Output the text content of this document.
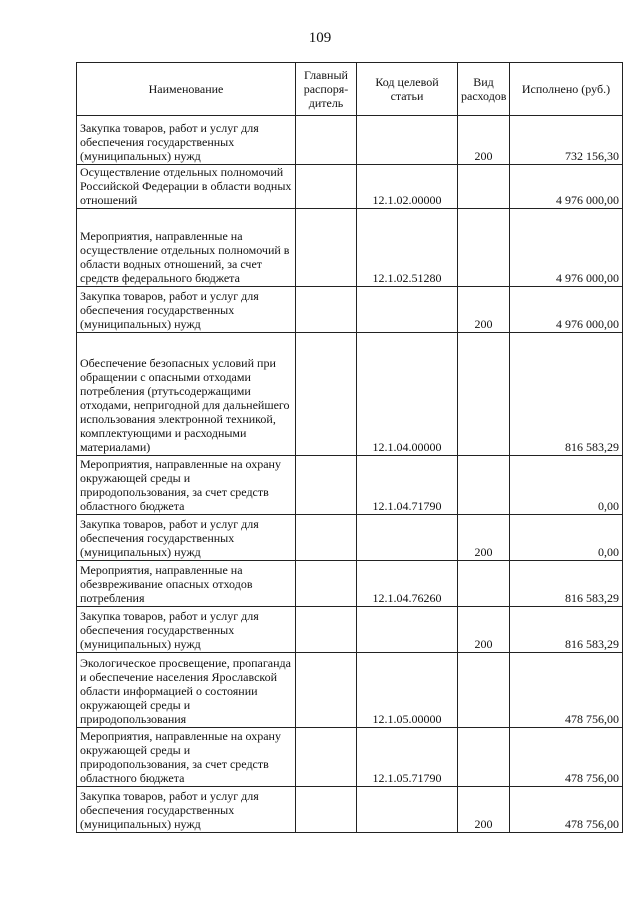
109
Наименование	Главный распоря-дитель	Код целевой статьи	Вид расходов	Исполнено (руб.)
Закупка товаров, работ и услуг для обеспечения государственных (муниципальных) нужд			200	732 156,30
Осуществление отдельных полномочий Российской Федерации в области водных отношений		12.1.02.00000		4 976 000,00
Мероприятия, направленные на осуществление отдельных полномочий в области водных отношений, за счет средств федерального бюджета		12.1.02.51280		4 976 000,00
Закупка товаров, работ и услуг для обеспечения государственных (муниципальных) нужд			200	4 976 000,00
Обеспечение безопасных условий при обращении с опасными отходами потребления (ртутьсодержащими отходами, непригодной для дальнейшего использования электронной техникой, комплектующими и расходными материалами)		12.1.04.00000		816 583,29
Мероприятия, направленные на охрану окружающей среды и природопользования, за счет средств областного бюджета		12.1.04.71790		0,00
Закупка товаров, работ и услуг для обеспечения государственных (муниципальных) нужд			200	0,00
Мероприятия, направленные на обезвреживание опасных отходов потребления		12.1.04.76260		816 583,29
Закупка товаров, работ и услуг для обеспечения государственных (муниципальных) нужд			200	816 583,29
Экологическое просвещение, пропаганда и обеспечение населения Ярославской области информацией о состоянии окружающей среды и природопользования		12.1.05.00000		478 756,00
Мероприятия, направленные на охрану окружающей среды и природопользования, за счет средств областного бюджета		12.1.05.71790		478 756,00
Закупка товаров, работ и услуг для обеспечения государственных (муниципальных) нужд			200	478 756,00
